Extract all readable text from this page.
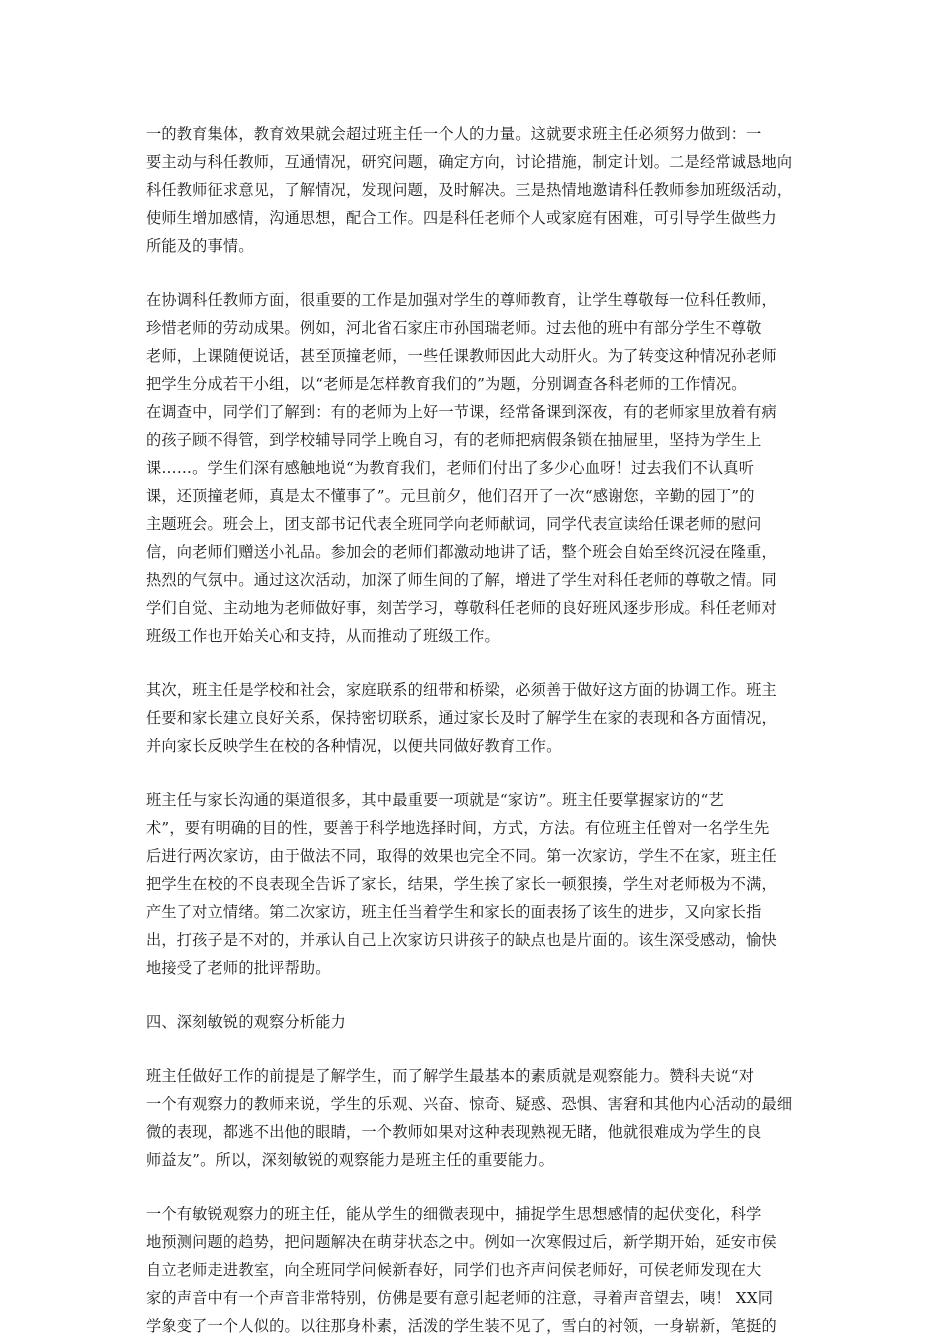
一的教育集体，教育效果就会超过班主任一个人的力量。这就要求班主任必须努力做到：一
要主动与科任教师，互通情况，研究问题，确定方向，讨论措施，制定计划。二是经常诚恳地向
科任教师征求意见，了解情况，发现问题，及时解决。三是热情地邀请科任教师参加班级活动，
使师生增加感情，沟通思想，配合工作。四是科任老师个人或家庭有困难，可引导学生做些力
所能及的事情。

在协调科任教师方面，很重要的工作是加强对学生的尊师教育，让学生尊敬每一位科任教师，
珍惜老师的劳动成果。例如，河北省石家庄市孙国瑞老师。过去他的班中有部分学生不尊敬
老师，上课随便说话，甚至顶撞老师，一些任课教师因此大动肝火。为了转变这种情况孙老师
把学生分成若干小组，以“老师是怎样教育我们的”为题，分别调查各科老师的工作情况。
在调查中，同学们了解到：有的老师为上好一节课，经常备课到深夜，有的老师家里放着有病
的孩子顾不得管，到学校辅导同学上晚自习，有的老师把病假条锁在抽屉里，坚持为学生上
课……。学生们深有感触地说“为教育我们，老师们付出了多少心血呀！过去我们不认真听
课，还顶撞老师，真是太不懂事了”。元旦前夕，他们召开了一次“感谢您，辛勤的园丁”的
主题班会。班会上，团支部书记代表全班同学向老师献词，同学代表宣读给任课老师的慰问
信，向老师们赠送小礼品。参加会的老师们都激动地讲了话，整个班会自始至终沉浸在隆重，
热烈的气氛中。通过这次活动，加深了师生间的了解，增进了学生对科任老师的尊敬之情。同
学们自觉、主动地为老师做好事，刻苦学习，尊敬科任老师的良好班风逐步形成。科任老师对
班级工作也开始关心和支持，从而推动了班级工作。

其次，班主任是学校和社会，家庭联系的纽带和桥梁，必须善于做好这方面的协调工作。班主
任要和家长建立良好关系，保持密切联系，通过家长及时了解学生在家的表现和各方面情况，
并向家长反映学生在校的各种情况，以便共同做好教育工作。

班主任与家长沟通的渠道很多，其中最重要一项就是“家访”。班主任要掌握家访的“艺
术”，要有明确的目的性，要善于科学地选择时间，方式，方法。有位班主任曾对一名学生先
后进行两次家访，由于做法不同，取得的效果也完全不同。第一次家访，学生不在家，班主任
把学生在校的不良表现全告诉了家长，结果，学生挨了家长一顿狠揍，学生对老师极为不满，
产生了对立情绪。第二次家访，班主任当着学生和家长的面表扬了该生的进步，又向家长指
出，打孩子是不对的，并承认自己上次家访只讲孩子的缺点也是片面的。该生深受感动，愉快
地接受了老师的批评帮助。

四、深刻敏锐的观察分析能力

班主任做好工作的前提是了解学生，而了解学生最基本的素质就是观察能力。赞科夫说“对
一个有观察力的教师来说，学生的乐观、兴奋、惊奇、疑惑、恐惧、害窘和其他内心活动的最细
微的表现，都逃不出他的眼睛，一个教师如果对这种表现熟视无睹，他就很难成为学生的良
师益友”。所以，深刻敏锐的观察能力是班主任的重要能力。

一个有敏锐观察力的班主任，能从学生的细微表现中，捕捉学生思想感情的起伏变化，科学
地预测问题的趋势，把问题解决在萌芽状态之中。例如一次寒假过后，新学期开始，延安市侯
自立老师走进教室，向全班同学问候新春好，同学们也齐声问侯老师好，可侯老师发现在大
家的声音中有一个声音非常特别，仿佛是要有意引起老师的注意，寻着声音望去，咦！ XX同
学象变了一个人似的。以往那身朴素，活泼的学生装不见了，雪白的衬领，一身崭新，笔挺的
